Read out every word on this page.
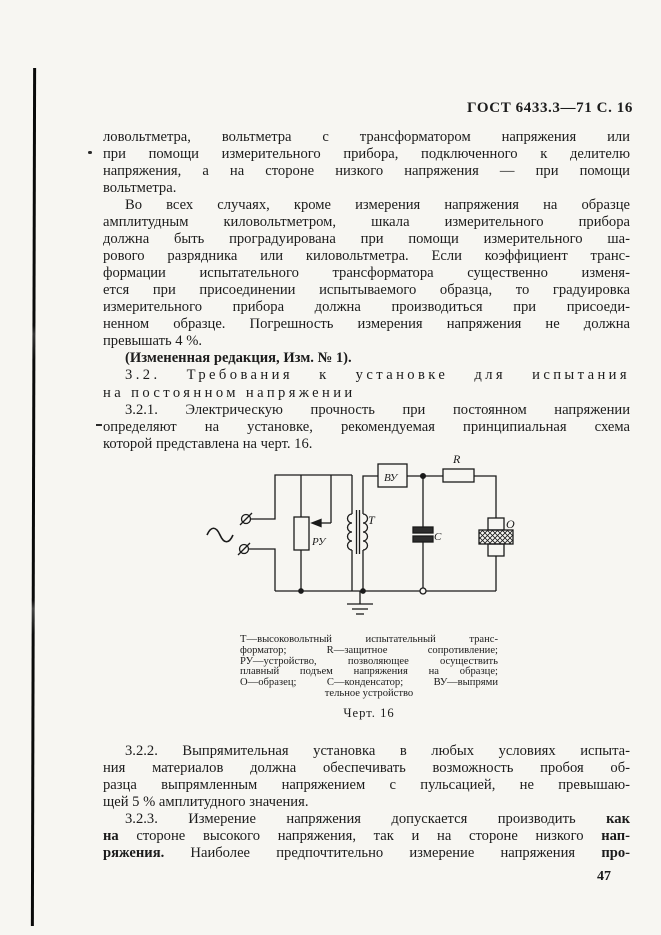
ГОСТ 6433.3—71 С. 16
ловольтметра, вольтметра с трансформатором напряжения или
при помощи измерительного прибора, подключенного к делителю
напряжения, а на стороне низкого напряжения — при помощи
вольтметра.
Во всех случаях, кроме измерения напряжения на образце
амплитудным киловольтметром, шкала измерительного прибора
должна быть проградуирована при помощи измерительного ша-
рового разрядника или киловольтметра. Если коэффициент транс-
формации испытательного трансформатора существенно изменя-
ется при присоединении испытываемого образца, то градуировка
измерительного прибора должна производиться при присоеди-
ненном образце. Погрешность измерения напряжения не должна
превышать 4 %.
(Измененная редакция, Изм. № 1).
3.2. Требования к установке для испытания
на постоянном напряжении
3.2.1. Электрическую прочность при постоянном напряжении
определяют на установке, рекомендуемая принципиальная схема
которой представлена на черт. 16.
РУ
T
ВУ
R
C
О
Т—высоковольтный испытательный транс-
форматор; R—защитное сопротивление;
РУ—устройство, позволяющее осуществить
плавный подъем напряжения на образце;
О—образец; С—конденсатор; ВУ—выпрями
тельное устройство
Черт. 16
3.2.2. Выпрямительная установка в любых условиях испыта-
ния материалов должна обеспечивать возможность пробоя об-
разца выпрямленным напряжением с пульсацией, не превышаю-
щей 5 % амплитудного значения.
3.2.3. Измерение напряжения допускается производить как
на стороне высокого напряжения, так и на стороне низкого нап-
ряжения. Наиболее предпочтительно измерение напряжения про-
47
